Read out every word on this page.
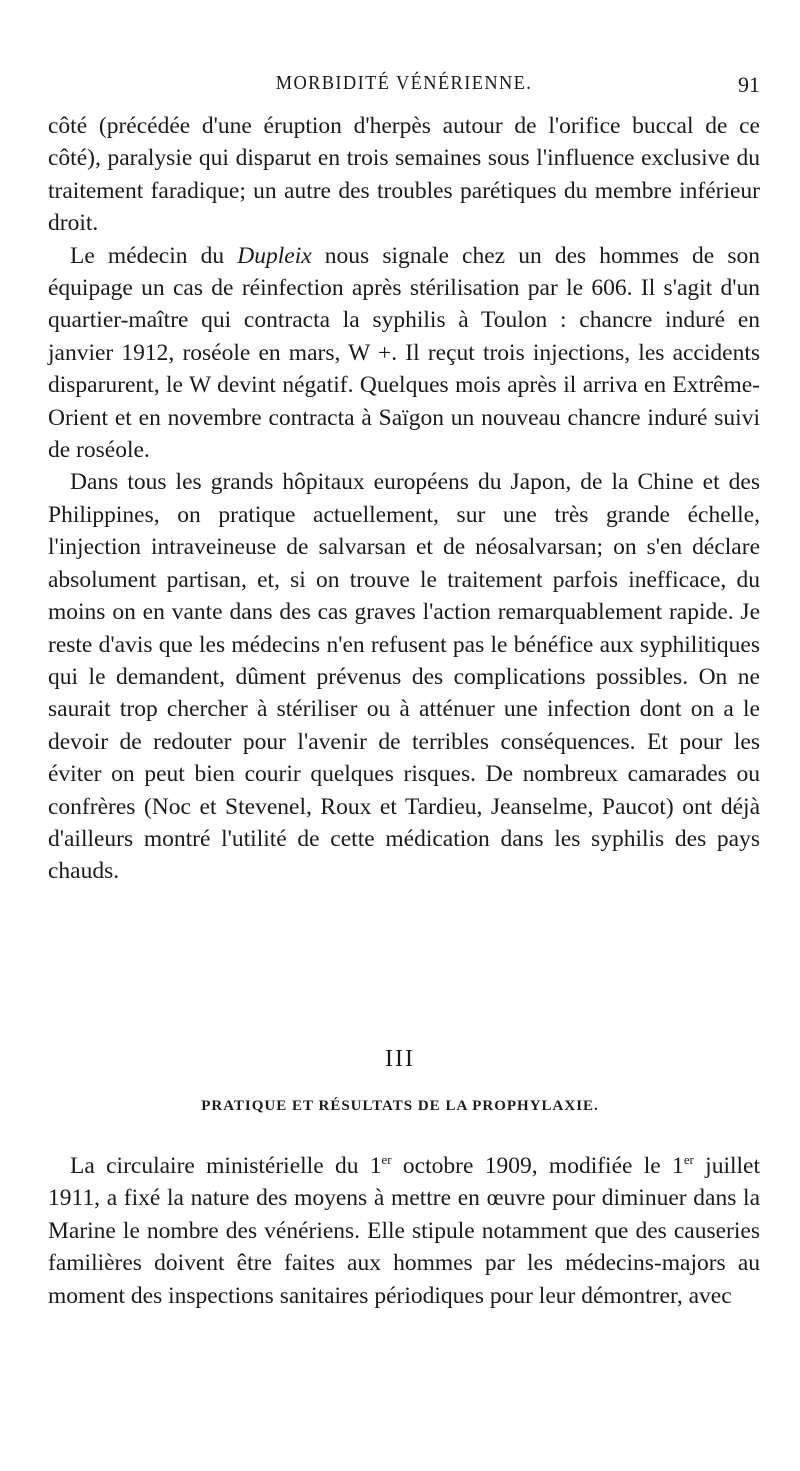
MORBIDITÉ VÉNÉRIENNE.	91

côté (précédée d'une éruption d'herpès autour de l'orifice buccal de ce côté), paralysie qui disparut en trois semaines sous l'influence exclusive du traitement faradique; un autre des troubles parétiques du membre inférieur droit.

Le médecin du Dupleix nous signale chez un des hommes de son équipage un cas de réinfection après stérilisation par le 606. Il s'agit d'un quartier-maître qui contracta la syphilis à Toulon : chancre induré en janvier 1912, roséole en mars, W +. Il reçut trois injections, les accidents disparurent, le W devint négatif. Quelques mois après il arriva en Extrême-Orient et en novembre contracta à Saïgon un nouveau chancre induré suivi de roséole.

Dans tous les grands hôpitaux européens du Japon, de la Chine et des Philippines, on pratique actuellement, sur une très grande échelle, l'injection intraveineuse de salvarsan et de néosalvarsan; on s'en déclare absolument partisan, et, si on trouve le traitement parfois inefficace, du moins on en vante dans des cas graves l'action remarquablement rapide. Je reste d'avis que les médecins n'en refusent pas le bénéfice aux syphilitiques qui le demandent, dûment prévenus des complications possibles. On ne saurait trop chercher à stériliser ou à atténuer une infection dont on a le devoir de redouter pour l'avenir de terribles conséquences. Et pour les éviter on peut bien courir quelques risques. De nombreux camarades ou confrères (Noc et Stevenel, Roux et Tardieu, Jeanselme, Paucot) ont déjà d'ailleurs montré l'utilité de cette médication dans les syphilis des pays chauds.

III
PRATIQUE ET RÉSULTATS DE LA PROPHYLAXIE.

La circulaire ministérielle du 1er octobre 1909, modifiée le 1er juillet 1911, a fixé la nature des moyens à mettre en œuvre pour diminuer dans la Marine le nombre des vénériens. Elle stipule notamment que des causeries familières doivent être faites aux hommes par les médecins-majors au moment des inspections sanitaires périodiques pour leur démontrer, avec
